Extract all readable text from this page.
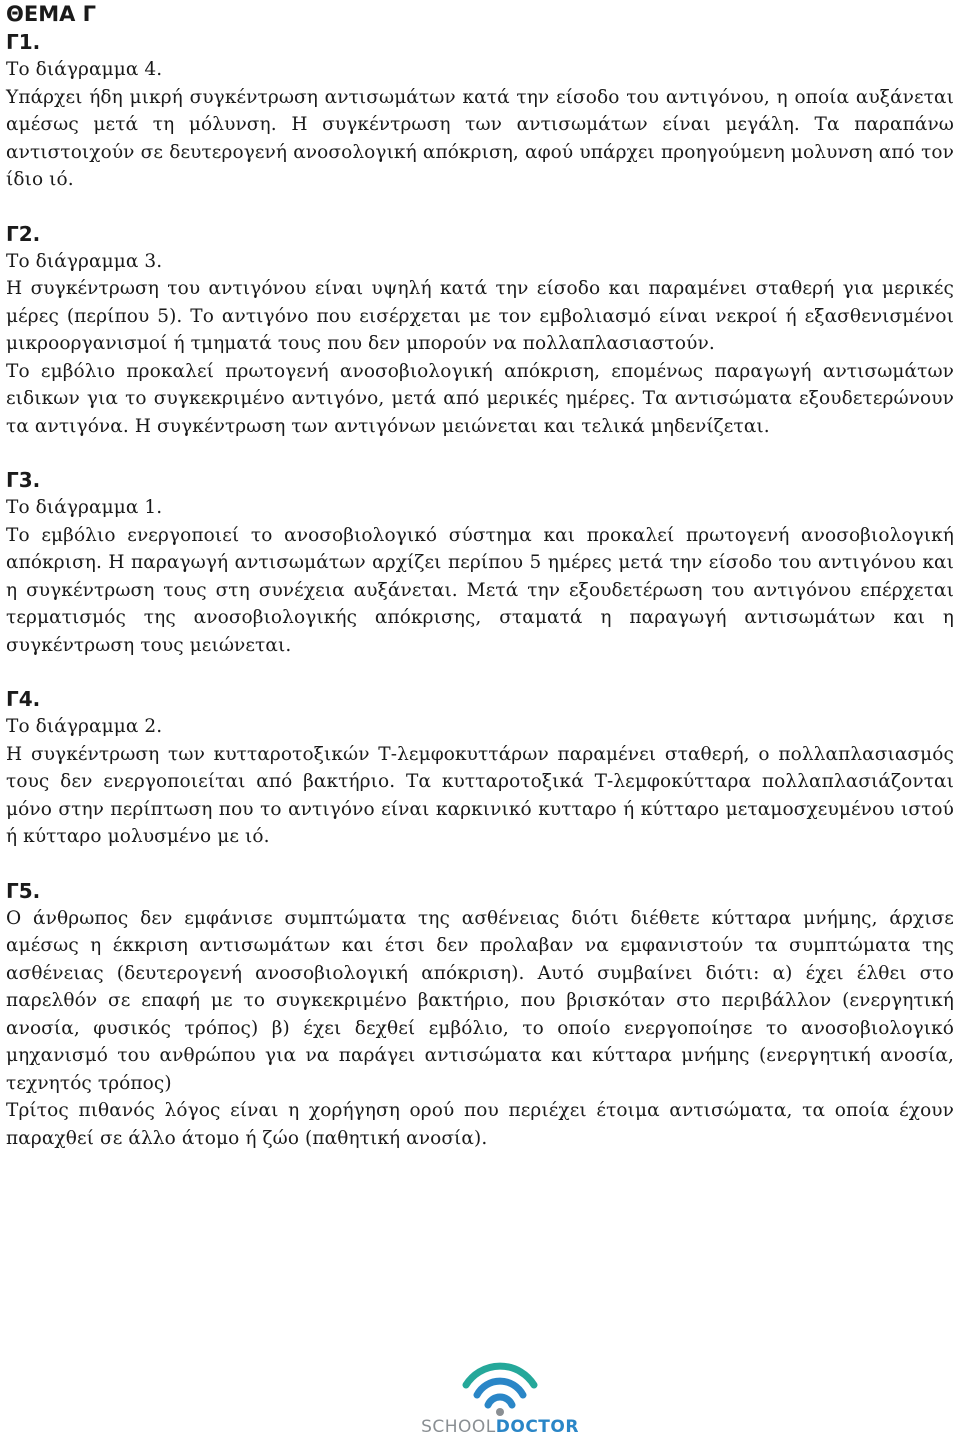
ΘΕΜΑ Γ

Γ1.

Το διάγραμμα 4.

Υπάρχει ήδη μικρή συγκέντρωση αντισωμάτων κατά την είσοδο του αντιγόνου, η οποία αυξάνεται αμέσως μετά τη μόλυνση. Η συγκέντρωση των αντισωμάτων είναι μεγάλη. Τα παραπάνω αντιστοιχούν σε δευτερογενή ανοσολογική απόκριση, αφού υπάρχει προηγούμενη μολυνση από τον ίδιο ιό.

Γ2.

Το διάγραμμα 3.

Η συγκέντρωση του αντιγόνου είναι υψηλή κατά την είσοδο και παραμένει σταθερή για μερικές μέρες (περίπου 5). Το αντιγόνο που εισέρχεται με τον εμβολιασμό είναι νεκροί ή εξασθενισμένοι μικροοργανισμοί ή τμηματά τους που δεν μπορούν να πολλαπλασιαστούν.

Το εμβόλιο προκαλεί πρωτογενή ανοσοβιολογική απόκριση, επομένως παραγωγή αντισωμάτων ειδικων για το συγκεκριμένο αντιγόνο, μετά από μερικές ημέρες. Τα αντισώματα εξουδετερώνουν τα αντιγόνα. Η συγκέντρωση των αντιγόνων μειώνεται και τελικά μηδενίζεται.

Γ3.

Το διάγραμμα 1.

Το εμβόλιο ενεργοποιεί το ανοσοβιολογικό σύστημα και προκαλεί πρωτογενή ανοσοβιολογική απόκριση. Η παραγωγή αντισωμάτων αρχίζει περίπου 5 ημέρες μετά την είσοδο του αντιγόνου και η συγκέντρωση τους στη συνέχεια αυξάνεται. Μετά την εξουδετέρωση του αντιγόνου επέρχεται τερματισμός της ανοσοβιολογικής απόκρισης, σταματά η παραγωγή αντισωμάτων και η συγκέντρωση τους μειώνεται.

Γ4.

Το διάγραμμα 2.

Η συγκέντρωση των κυτταροτοξικών Τ-λεμφοκυττάρων παραμένει σταθερή, ο πολλαπλασιασμός τους δεν ενεργοποιείται από βακτήριο. Τα κυτταροτοξικά Τ-λεμφοκύτταρα πολλαπλασιάζονται μόνο στην περίπτωση που το αντιγόνο είναι καρκινικό κυτταρο ή κύτταρο μεταμοσχευμένου ιστού ή κύτταρο μολυσμένο με ιό.

Γ5.

Ο άνθρωπος δεν εμφάνισε συμπτώματα της ασθένειας διότι διέθετε κύτταρα μνήμης, άρχισε αμέσως η έκκριση αντισωμάτων και έτσι δεν προλαβαν να εμφανιστούν τα συμπτώματα της ασθένειας (δευτερογενή ανοσοβιολογική απόκριση). Αυτό συμβαίνει διότι: α) έχει έλθει στο παρελθόν σε επαφή με το συγκεκριμένο βακτήριο, που βρισκόταν στο περιβάλλον (ενεργητική ανοσία, φυσικός τρόπος) β) έχει δεχθεί εμβόλιο, το οποίο ενεργοποίησε το ανοσοβιολογικό μηχανισμό του ανθρώπου για να παράγει αντισώματα και κύτταρα μνήμης (ενεργητική ανοσία, τεχνητός τρόπος)

Τρίτος πιθανός λόγος είναι η χορήγηση ορού που περιέχει έτοιμα αντισώματα, τα οποία έχουν παραχθεί σε άλλο άτομο ή ζώο (παθητική ανοσία).

SCHOOLDOCTOR
